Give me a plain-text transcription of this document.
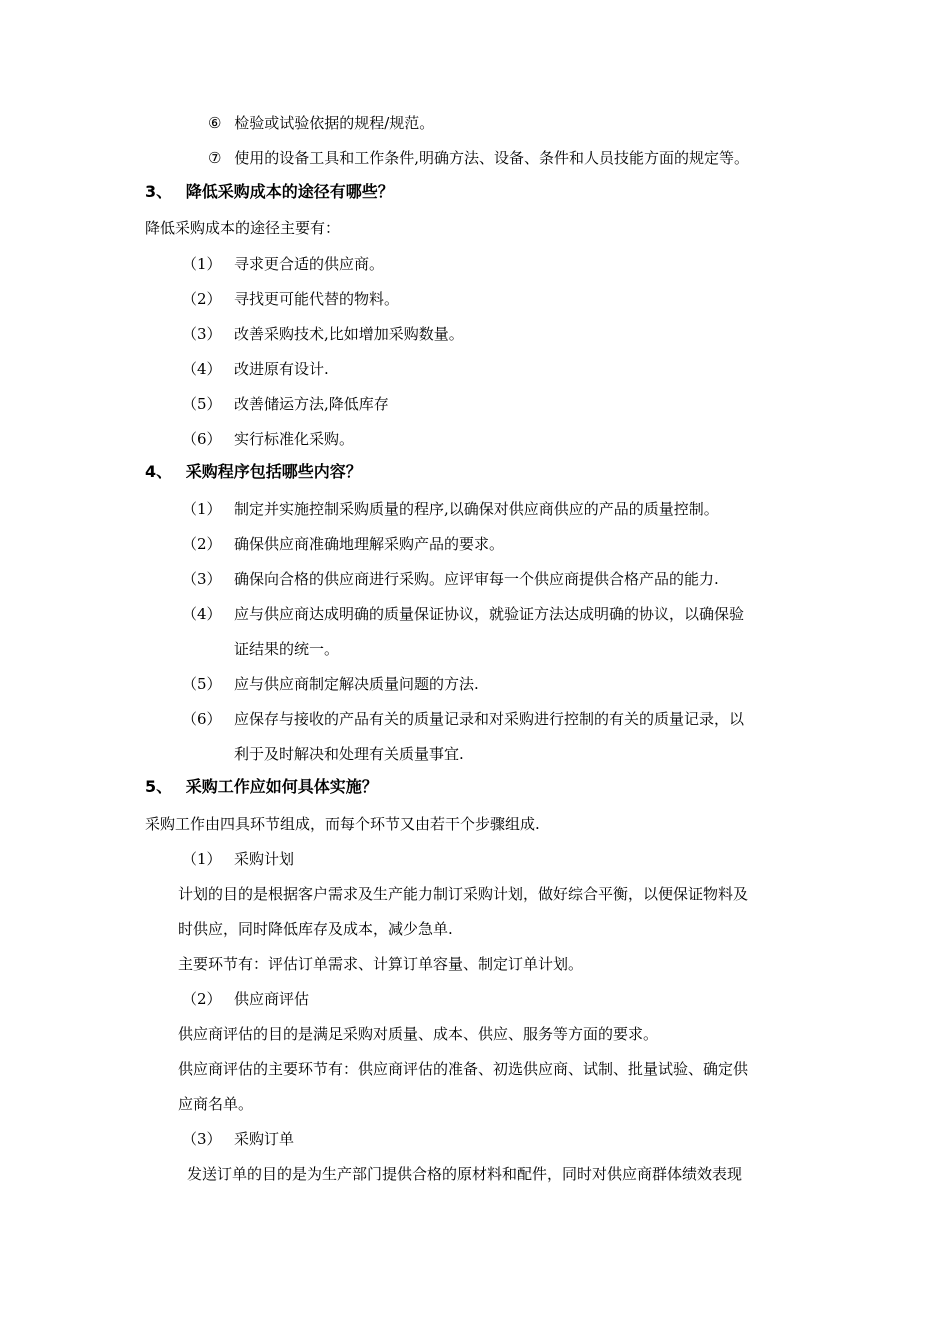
⑥ 检验或试验依据的规程/规范。
⑦ 使用的设备工具和工作条件,明确方法、设备、条件和人员技能方面的规定等。
3、 降低采购成本的途径有哪些？
降低采购成本的途径主要有：
（1） 寻求更合适的供应商。
（2） 寻找更可能代替的物料。
（3） 改善采购技术,比如增加采购数量。
（4） 改进原有设计.
（5） 改善储运方法,降低库存
（6） 实行标准化采购。
4、 采购程序包括哪些内容？
（1） 制定并实施控制采购质量的程序,以确保对供应商供应的产品的质量控制。
（2） 确保供应商准确地理解采购产品的要求。
（3） 确保向合格的供应商进行采购。应评审每一个供应商提供合格产品的能力.
（4） 应与供应商达成明确的质量保证协议，就验证方法达成明确的协议，以确保验
证结果的统一。
（5） 应与供应商制定解决质量问题的方法.
（6） 应保存与接收的产品有关的质量记录和对采购进行控制的有关的质量记录，以
利于及时解决和处理有关质量事宜.
5、 采购工作应如何具体实施？
采购工作由四具环节组成，而每个环节又由若干个步骤组成.
（1） 采购计划
计划的目的是根据客户需求及生产能力制订采购计划，做好综合平衡，以便保证物料及
时供应，同时降低库存及成本，减少急单.
主要环节有：评估订单需求、计算订单容量、制定订单计划。
（2） 供应商评估
供应商评估的目的是满足采购对质量、成本、供应、服务等方面的要求。
供应商评估的主要环节有：供应商评估的准备、初选供应商、试制、批量试验、确定供
应商名单。
（3） 采购订单
发送订单的目的是为生产部门提供合格的原材料和配件，同时对供应商群体绩效表现
